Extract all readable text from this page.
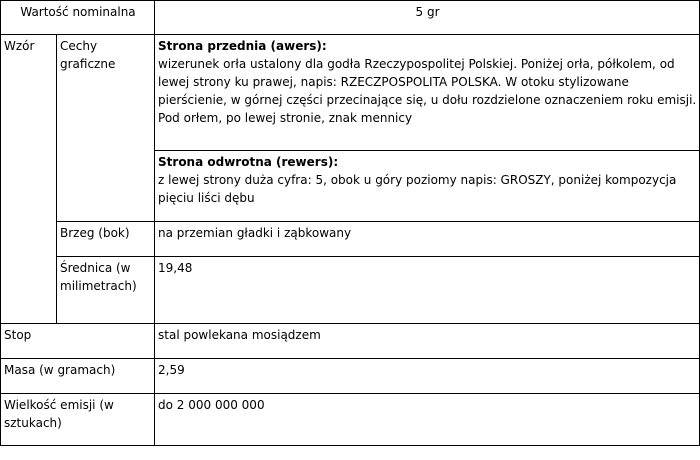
Wartość nominalna		5 gr
Wzór	Cechy graficzne	Strona przednia (awers):
wizerunek orła ustalony dla godła Rzeczypospolitej Polskiej. Poniżej orła, półkolem, od lewej strony ku prawej, napis: RZECZPOSPOLITA POLSKA. W otoku stylizowane pierścienie, w górnej części przecinające się, u dołu rozdzielone oznaczeniem roku emisji. Pod orłem, po lewej stronie, znak mennicy
		Strona odwrotna (rewers):
z lewej strony duża cyfra: 5, obok u góry poziomy napis: GROSZY, poniżej kompozycja pięciu liści dębu
	Brzeg (bok)	na przemian gładki i ząbkowany
	Średnica (w milimetrach)	19,48
Stop		stal powlekana mosiądzem
Masa (w gramach)		2,59
Wielkość emisji (w sztukach)		do 2 000 000 000
